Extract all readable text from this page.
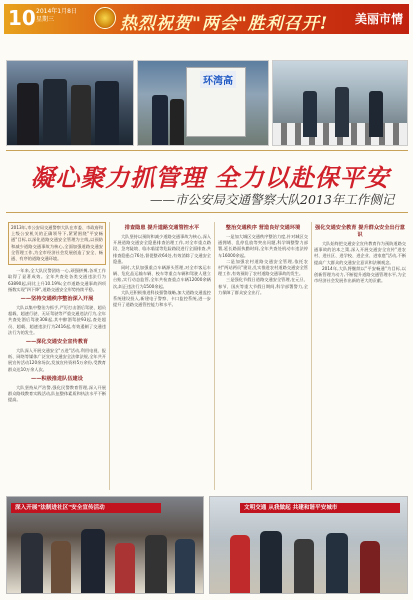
10 2014年1月8日
星期三	热烈祝贺"两会"胜利召开! 美丽市情
环湾高
凝心聚力抓管理 全力以赴保平安
——市公安局交通警察大队2013年工作侧记
2013年,市公安局交通警察大队在市委、市政府和上级公安机关的正确领导下,紧紧围绕"平安畅通"目标,以深化道路交通安全管理为主线,以预防和减少道路交通事故为核心,全面加强道路交通安全管理工作,为全市经济社会发展创造了安全、畅通、有序的道路交通环境。
一年来,全大队民警团结一心,顽强拼搏,各项工作取得了显著成效。全年共查处各类交通违法行为63890起,同比上升10.19%;全市道路交通事故四项指数实现"四下降",道路交通安全形势持续平稳。
——坚持交通秩序整治深入开展
大队以集中整治为抓手,严厉打击酒后驾驶、超员超载、超速行驶、无证驾驶等严重交通违法行为,全年共查处酒后驾驶308起,其中醉酒驾驶93起,查处超员、超载、超速违法行为2416起,有效遏制了交通违法行为的发生。
——深化交通安全宣传教育
大队深入开展交通安全"五进"活动,利用电视、报纸、网络等媒体广泛宣传交通安全法律法规,全年共开展宣传活动120余场次,发放宣传资料5万余份,受教育群众达10万余人次。
——积极推进队伍建设
大队坚持从严治警,强化民警教育管理,深入开展群众路线教育实践活动,队伍整体素质和执法水平不断提高。
排查隐患 提升道路交通管控水平
大队坚持以预防和减少道路交通事故为核心,深入开展道路交通安全隐患排查治理工作,对全市重点路段、急弯陡坡、临水临崖等危险路段进行全面排查,共排查隐患点76处,督促整改64处,有效消除了交通安全隐患。
同时,大队加强重点车辆源头管理,对全市客运车辆、危化品运输车辆、校车等重点车辆和驾驶人建立台账,实行动态监管,全年共检查重点车辆12000余辆次,纠正违法行为1500余起。
大队还积极推进科技强警战略,加大道路交通监控系统建设投入,新建电子警察、卡口监控系统,进一步提升了道路交通管控能力和水平。
整治交通秩序 营造良好交通环境
一是加大城区交通秩序整治力度,针对城区交通拥堵、乱停乱放等突出问题,科学调整警力部署,延长路面执勤时间,全年共查处机动车违法停车16000余起。
二是加强农村道路交通安全管理,依托农村"两站两员"建设,扎实推进农村道路交通安全管理工作,有效预防了农村道路交通事故的发生。
三是强化节假日道路交通安全管理,在元旦、春节、国庆等重大节假日期间,科学部署警力,全力保障了群众安全出行。
强化交通安全教育 提升群众安全出行意识
大队始终把交通安全宣传教育作为预防道路交通事故的治本之策,深入开展交通安全宣传"进农村、进社区、进学校、进企业、进家庭"活动,不断提高广大群众的交通安全意识和法制观念。
2014年,大队将继续以"平安畅通"为目标,以创新管理为动力,不断提升道路交通管理水平,为全市经济社会发展作出新的更大的贡献。
深入开展"法制进社区"安全宣传活动	文明交通 从我做起 共建和谐平安城市
